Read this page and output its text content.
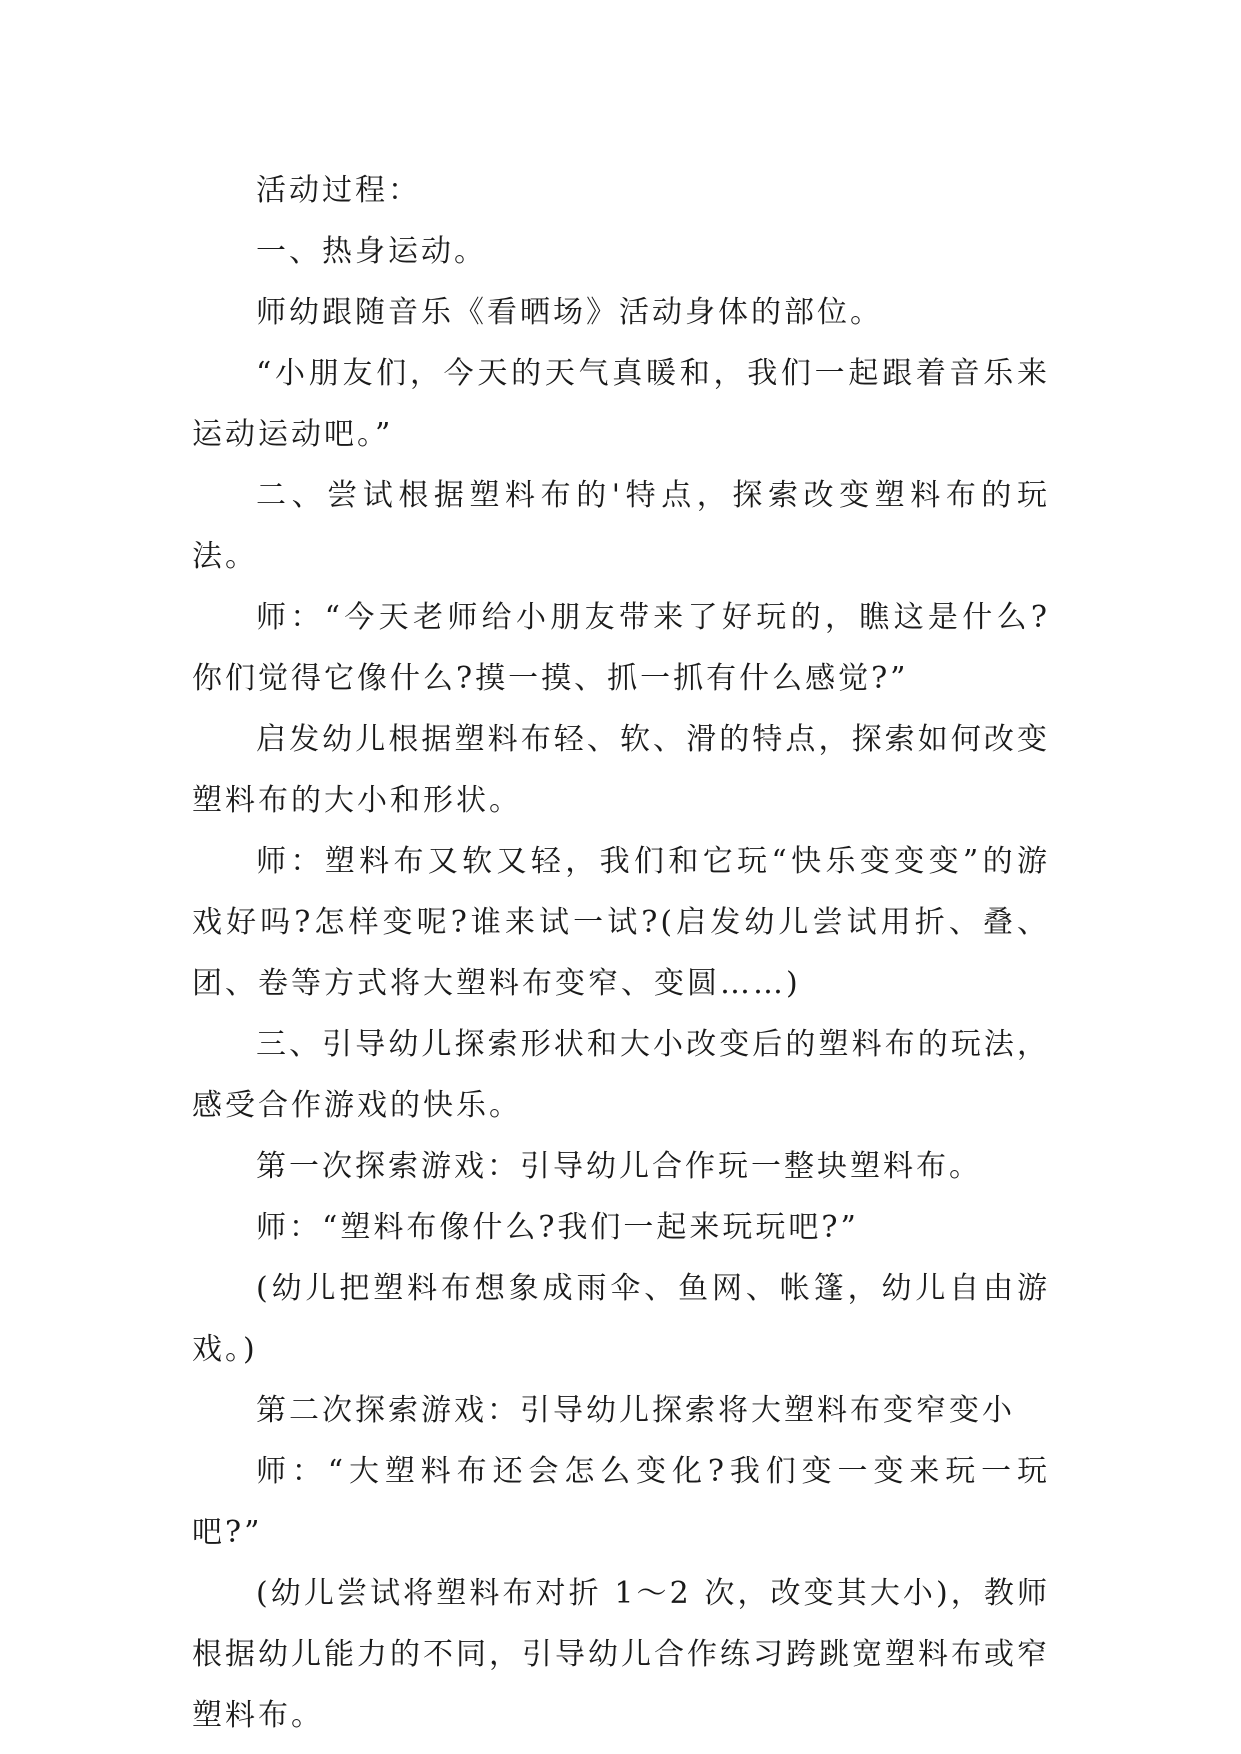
活动过程：

一、热身运动。

师幼跟随音乐《看晒场》活动身体的部位。

“小朋友们，今天的天气真暖和，我们一起跟着音乐来运动运动吧。”

二、尝试根据塑料布的'特点，探索改变塑料布的玩法。

师：“今天老师给小朋友带来了好玩的，瞧这是什么?你们觉得它像什么?摸一摸、抓一抓有什么感觉?”

启发幼儿根据塑料布轻、软、滑的特点，探索如何改变塑料布的大小和形状。

师：塑料布又软又轻，我们和它玩“快乐变变变”的游戏好吗?怎样变呢?谁来试一试?(启发幼儿尝试用折、叠、团、卷等方式将大塑料布变窄、变圆……)

三、引导幼儿探索形状和大小改变后的塑料布的玩法，感受合作游戏的快乐。

第一次探索游戏：引导幼儿合作玩一整块塑料布。

师：“塑料布像什么?我们一起来玩玩吧?”

(幼儿把塑料布想象成雨伞、鱼网、帐篷，幼儿自由游戏。)

第二次探索游戏：引导幼儿探索将大塑料布变窄变小

师：“大塑料布还会怎么变化?我们变一变来玩一玩吧?”

(幼儿尝试将塑料布对折 1～2 次，改变其大小)，教师根据幼儿能力的不同，引导幼儿合作练习跨跳宽塑料布或窄塑料布。
